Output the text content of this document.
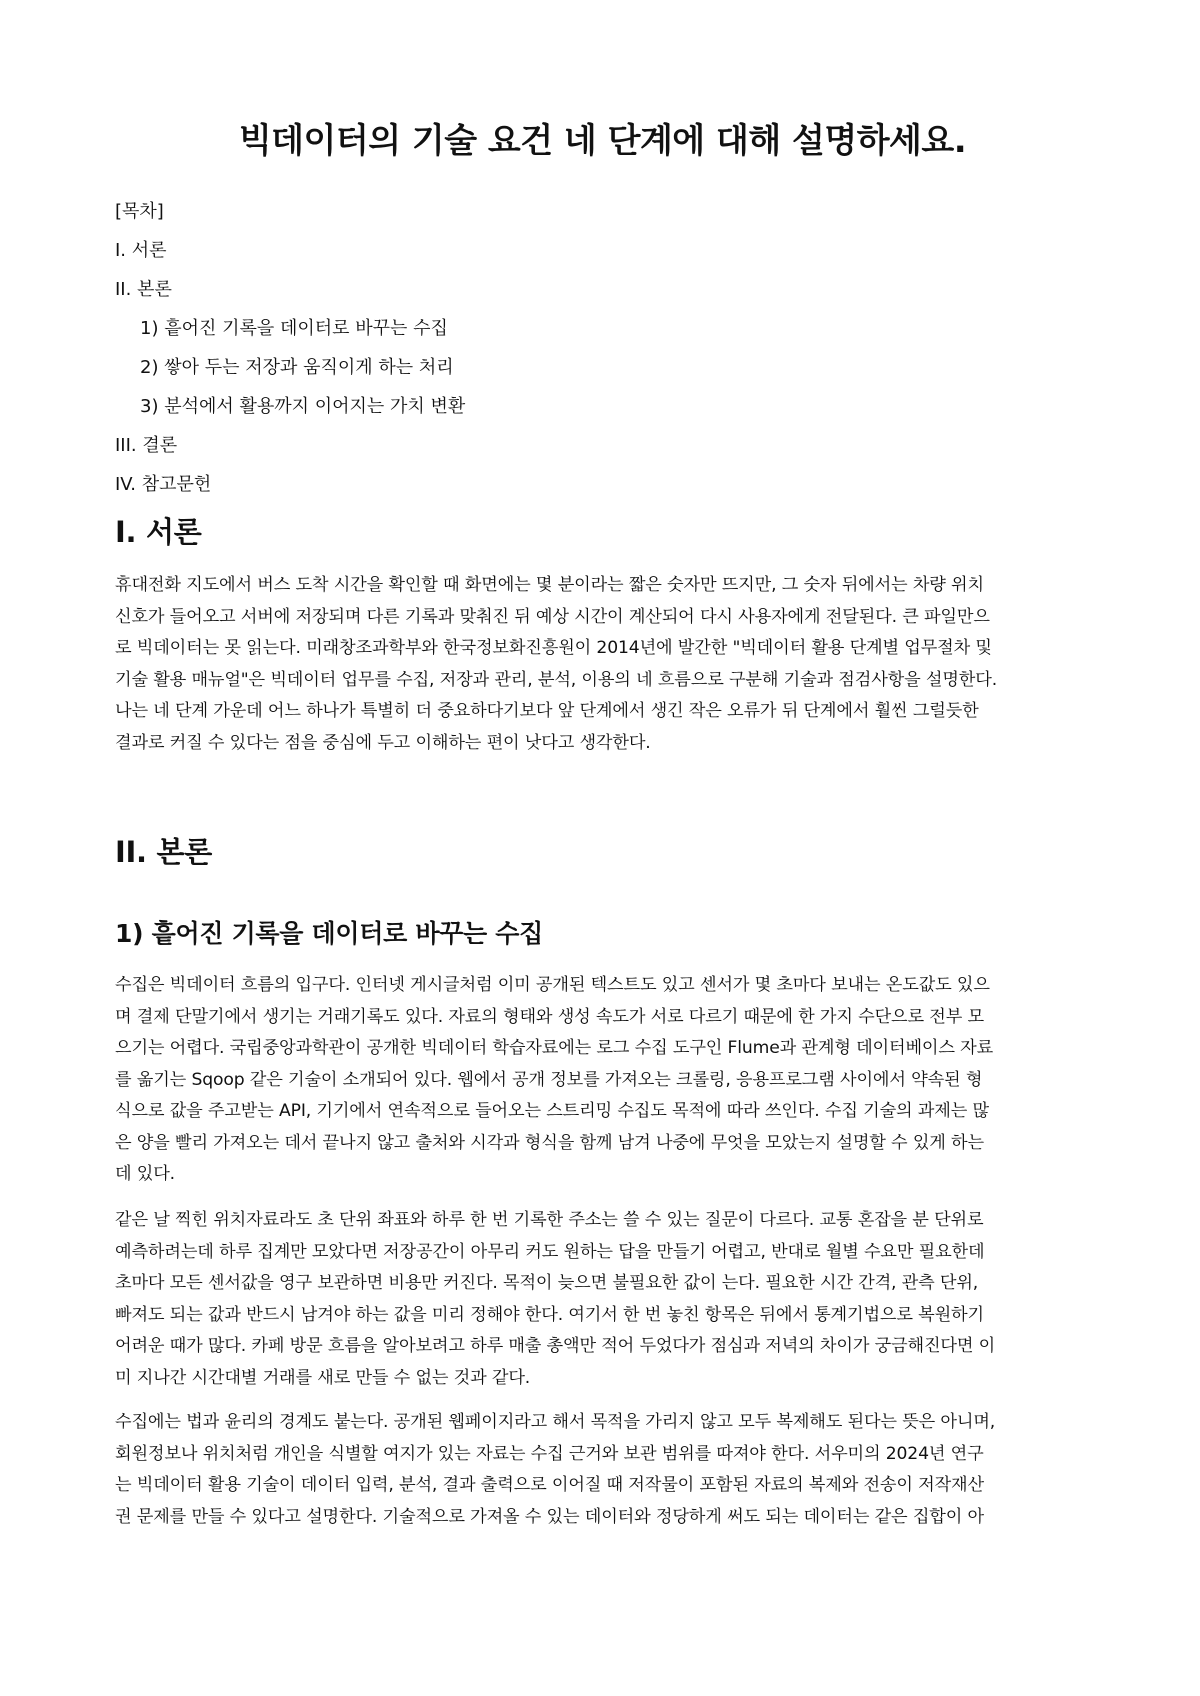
빅데이터의 기술 요건 네 단계에 대해 설명하세요.
[목차]
I. 서론
II. 본론
1) 흩어진 기록을 데이터로 바꾸는 수집
2) 쌓아 두는 저장과 움직이게 하는 처리
3) 분석에서 활용까지 이어지는 가치 변환
III. 결론
IV. 참고문헌
I. 서론
휴대전화 지도에서 버스 도착 시간을 확인할 때 화면에는 몇 분이라는 짧은 숫자만 뜨지만, 그 숫자 뒤에서는 차량 위치
신호가 들어오고 서버에 저장되며 다른 기록과 맞춰진 뒤 예상 시간이 계산되어 다시 사용자에게 전달된다. 큰 파일만으
로 빅데이터는 못 읽는다. 미래창조과학부와 한국정보화진흥원이 2014년에 발간한 "빅데이터 활용 단계별 업무절차 및
기술 활용 매뉴얼"은 빅데이터 업무를 수집, 저장과 관리, 분석, 이용의 네 흐름으로 구분해 기술과 점검사항을 설명한다.
나는 네 단계 가운데 어느 하나가 특별히 더 중요하다기보다 앞 단계에서 생긴 작은 오류가 뒤 단계에서 훨씬 그럴듯한
결과로 커질 수 있다는 점을 중심에 두고 이해하는 편이 낫다고 생각한다.
II. 본론
1) 흩어진 기록을 데이터로 바꾸는 수집
수집은 빅데이터 흐름의 입구다. 인터넷 게시글처럼 이미 공개된 텍스트도 있고 센서가 몇 초마다 보내는 온도값도 있으
며 결제 단말기에서 생기는 거래기록도 있다. 자료의 형태와 생성 속도가 서로 다르기 때문에 한 가지 수단으로 전부 모
으기는 어렵다. 국립중앙과학관이 공개한 빅데이터 학습자료에는 로그 수집 도구인 Flume과 관계형 데이터베이스 자료
를 옮기는 Sqoop 같은 기술이 소개되어 있다. 웹에서 공개 정보를 가져오는 크롤링, 응용프로그램 사이에서 약속된 형
식으로 값을 주고받는 API, 기기에서 연속적으로 들어오는 스트리밍 수집도 목적에 따라 쓰인다. 수집 기술의 과제는 많
은 양을 빨리 가져오는 데서 끝나지 않고 출처와 시각과 형식을 함께 남겨 나중에 무엇을 모았는지 설명할 수 있게 하는
데 있다.
같은 날 찍힌 위치자료라도 초 단위 좌표와 하루 한 번 기록한 주소는 쓸 수 있는 질문이 다르다. 교통 혼잡을 분 단위로
예측하려는데 하루 집계만 모았다면 저장공간이 아무리 커도 원하는 답을 만들기 어렵고, 반대로 월별 수요만 필요한데
초마다 모든 센서값을 영구 보관하면 비용만 커진다. 목적이 늦으면 불필요한 값이 는다. 필요한 시간 간격, 관측 단위,
빠져도 되는 값과 반드시 남겨야 하는 값을 미리 정해야 한다. 여기서 한 번 놓친 항목은 뒤에서 통계기법으로 복원하기
어려운 때가 많다. 카페 방문 흐름을 알아보려고 하루 매출 총액만 적어 두었다가 점심과 저녁의 차이가 궁금해진다면 이
미 지나간 시간대별 거래를 새로 만들 수 없는 것과 같다.
수집에는 법과 윤리의 경계도 붙는다. 공개된 웹페이지라고 해서 목적을 가리지 않고 모두 복제해도 된다는 뜻은 아니며,
회원정보나 위치처럼 개인을 식별할 여지가 있는 자료는 수집 근거와 보관 범위를 따져야 한다. 서우미의 2024년 연구
는 빅데이터 활용 기술이 데이터 입력, 분석, 결과 출력으로 이어질 때 저작물이 포함된 자료의 복제와 전송이 저작재산
권 문제를 만들 수 있다고 설명한다. 기술적으로 가져올 수 있는 데이터와 정당하게 써도 되는 데이터는 같은 집합이 아
